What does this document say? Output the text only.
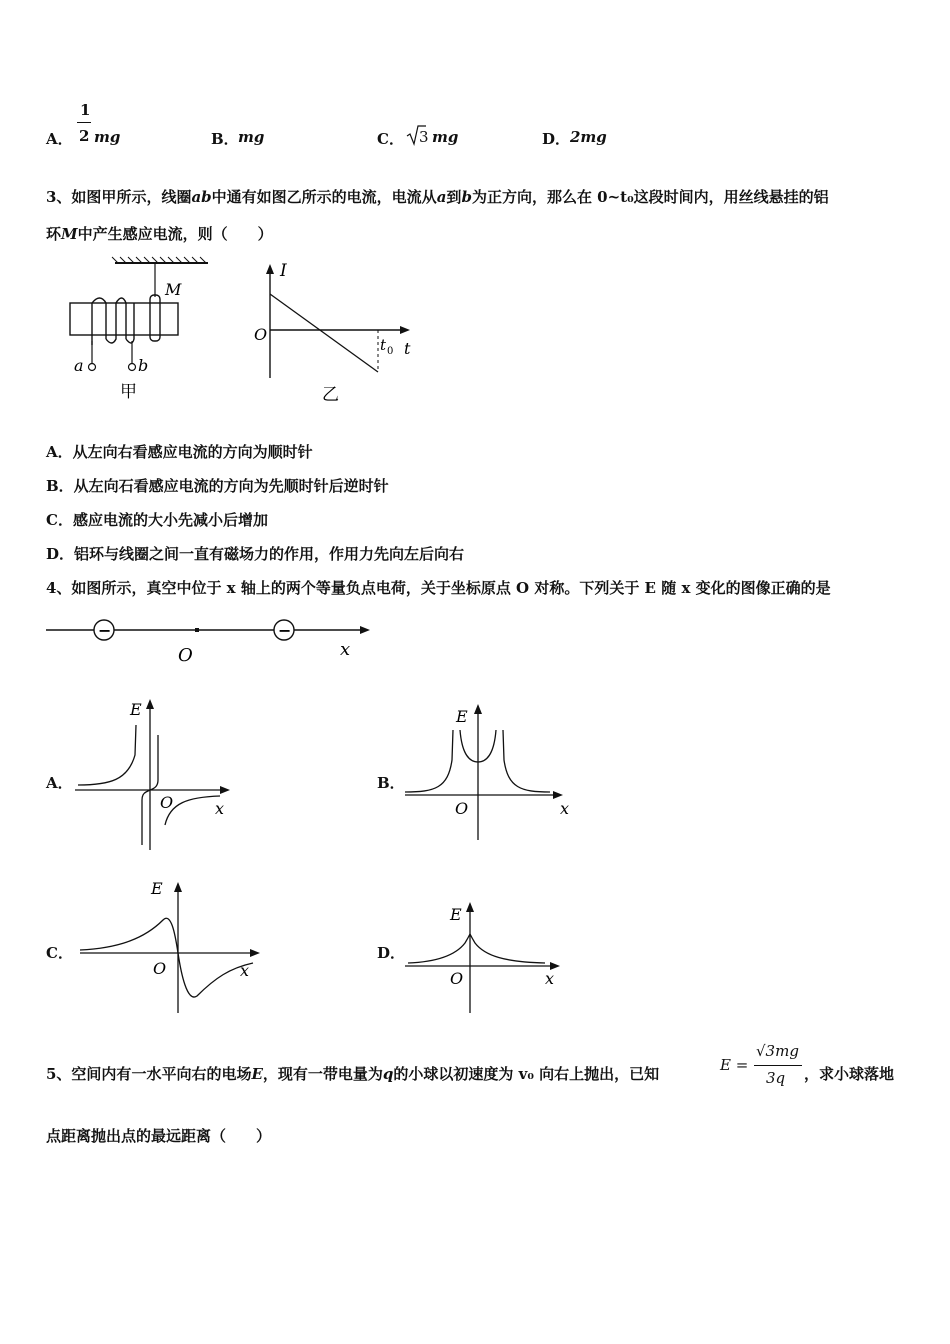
A．
1
2 mg	B． mg	C． 3 mg	D． 2mg
3、如图甲所示，线圈ab中通有如图乙所示的电流，电流从a到b为正方向，那么在 0~t₀这段时间内，用丝线悬挂的铝
环M中产生感应电流，则（　　）
M
a	b
甲
I
O
t 0 t
乙
A．从左向右看感应电流的方向为顺时针
B．从左向石看感应电流的方向为先顺时针后逆时针
C．感应电流的大小先减小后增加
D．铝环与线圈之间一直有磁场力的作用，作用力先向左后向右
4、如图所示，真空中位于 x 轴上的两个等量负点电荷，关于坐标原点 O 对称。下列关于 E 随 x 变化的图像正确的是
−	−
O	x
A．
E
O	x
B．
E
O	x
C．
E
O	x
D．
E
O	x
5、空间内有一水平向右的电场E，现有一带电量为q的小球以初速度为 v₀ 向右上抛出，已知	E =
√3mg
3q ，求小球落地
点距离抛出点的最远距离（　　）
